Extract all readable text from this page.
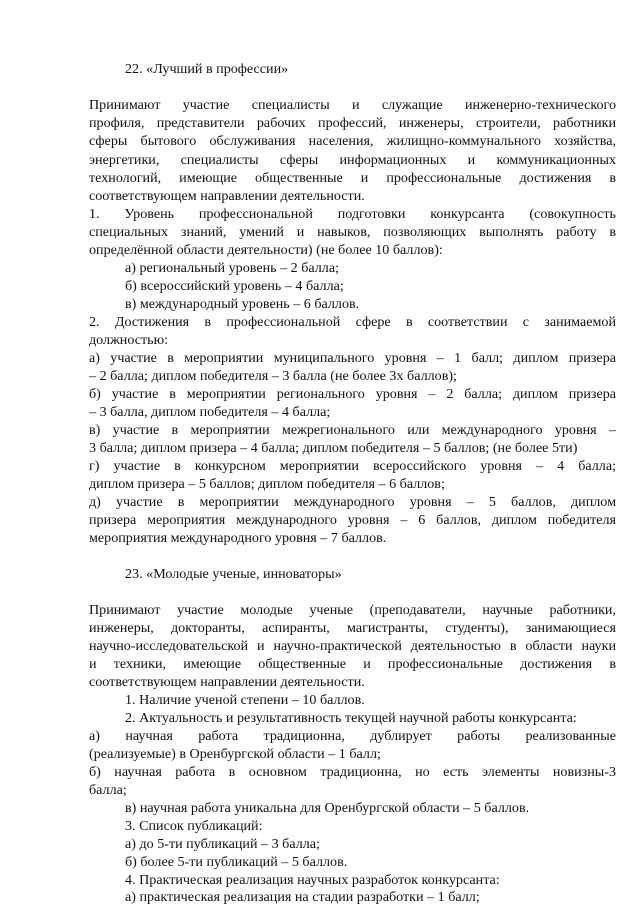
22. «Лучший в профессии»
Принимают участие специалисты и служащие инженерно-технического
профиля, представители рабочих профессий, инженеры, строители, работники
сферы бытового обслуживания населения, жилищно-коммунального хозяйства,
энергетики, специалисты сферы информационных и коммуникационных
технологий, имеющие общественные и профессиональные достижения в
соответствующем направлении деятельности.
1. Уровень профессиональной подготовки конкурсанта (совокупность
специальных знаний, умений и навыков, позволяющих выполнять работу в
определённой области деятельности) (не более 10 баллов):
а) региональный уровень – 2 балла;
б) всероссийский уровень – 4 балла;
в) международный уровень – 6 баллов.
2. Достижения в профессиональной сфере в соответствии с занимаемой
должностью:
а) участие в мероприятии муниципального уровня – 1 балл; диплом призера
– 2 балла; диплом победителя – 3 балла (не более 3х баллов);
б) участие в мероприятии регионального уровня – 2 балла; диплом призера
– 3 балла, диплом победителя – 4 балла;
в) участие в мероприятии межрегионального или международного уровня –
3 балла; диплом призера – 4 балла; диплом победителя – 5 баллов; (не более 5ти)
г) участие в конкурсном мероприятии всероссийского уровня – 4 балла;
диплом призера – 5 баллов; диплом победителя – 6 баллов;
д) участие в мероприятии международного уровня – 5 баллов, диплом
призера мероприятия международного уровня – 6 баллов, диплом победителя
мероприятия международного уровня – 7 баллов.
23. «Молодые ученые, инноваторы»
Принимают участие молодые ученые (преподаватели, научные работники,
инженеры, докторанты, аспиранты, магистранты, студенты), занимающиеся
научно-исследовательской и научно-практической деятельностью в области науки
и техники, имеющие общественные и профессиональные достижения в
соответствующем направлении деятельности.
1. Наличие ученой степени – 10 баллов.
2. Актуальность и результативность текущей научной работы конкурсанта:
а) научная работа традиционна, дублирует работы реализованные
(реализуемые) в Оренбургской области – 1 балл;
б) научная работа в основном традиционна, но есть элементы новизны-3
балла;
в) научная работа уникальна для Оренбургской области – 5 баллов.
3. Список публикаций:
а) до 5-ти публикаций – 3 балла;
б) более 5-ти публикаций – 5 баллов.
4. Практическая реализация научных разработок конкурсанта:
а) практическая реализация на стадии разработки – 1 балл;
